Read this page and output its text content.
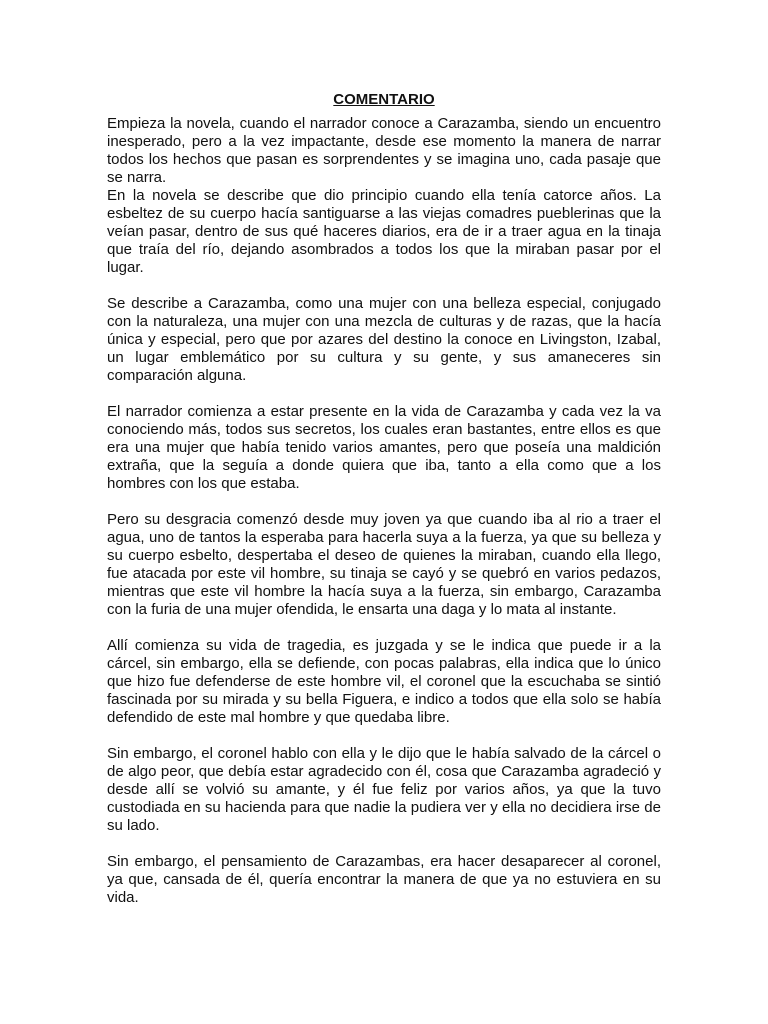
COMENTARIO

Empieza la novela, cuando el narrador conoce a Carazamba, siendo un encuentro inesperado, pero a la vez impactante, desde ese momento la manera de narrar todos los hechos que pasan es sorprendentes y se imagina uno, cada pasaje que se narra.

En la novela se describe que dio principio cuando ella tenía catorce años. La esbeltez de su cuerpo hacía santiguarse a las viejas comadres pueblerinas que la veían pasar, dentro de sus qué haceres diarios, era de ir a traer agua en la tinaja que traía del río, dejando asombrados a todos los que la miraban pasar por el lugar.

Se describe a Carazamba, como una mujer con una belleza especial, conjugado con la naturaleza, una mujer con una mezcla de culturas y de razas, que la hacía única y especial, pero que por azares del destino la conoce en Livingston, Izabal, un lugar emblemático por su cultura y su gente, y sus amaneceres sin comparación alguna.

El narrador comienza a estar presente en la vida de Carazamba y cada vez la va conociendo más, todos sus secretos, los cuales eran bastantes, entre ellos es que era una mujer que había tenido varios amantes, pero que poseía una maldición extraña, que la seguía a donde quiera que iba, tanto a ella como que a los hombres con los que estaba.

Pero su desgracia comenzó desde muy joven ya que cuando iba al rio a traer el agua, uno de tantos la esperaba para hacerla suya a la fuerza, ya que su belleza y su cuerpo esbelto, despertaba el deseo de quienes la miraban, cuando ella llego, fue atacada por este vil hombre, su tinaja se cayó y se quebró en varios pedazos, mientras que este vil hombre la hacía suya a la fuerza, sin embargo, Carazamba con la furia de una mujer ofendida, le ensarta una daga y lo mata al instante.

Allí comienza su vida de tragedia, es juzgada y se le indica que puede ir a la cárcel, sin embargo, ella se defiende, con pocas palabras, ella indica que lo único que hizo fue defenderse de este hombre vil, el coronel que la escuchaba se sintió fascinada por su mirada y su bella Figuera, e indico a todos que ella solo se había defendido de este mal hombre y que quedaba libre.

Sin embargo, el coronel hablo con ella y le dijo que le había salvado de la cárcel o de algo peor, que debía estar agradecido con él, cosa que Carazamba agradeció y desde allí se volvió su amante, y él fue feliz por varios años, ya que la tuvo custodiada en su hacienda para que nadie la pudiera ver y ella no decidiera irse de su lado.

Sin embargo, el pensamiento de Carazambas, era hacer desaparecer al coronel, ya que, cansada de él, quería encontrar la manera de que ya no estuviera en su vida.
